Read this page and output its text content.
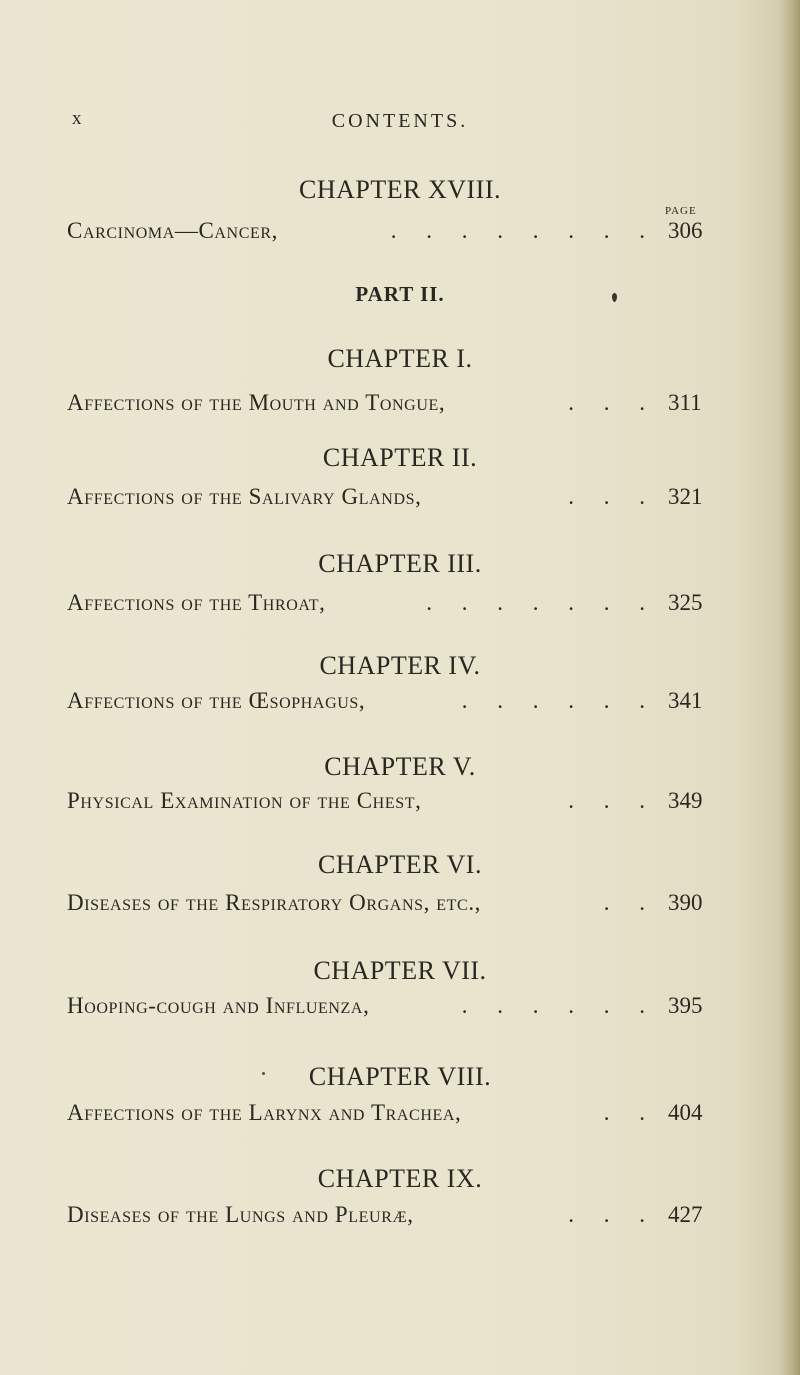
x	CONTENTS.
CHAPTER XVIII.
PAGE
Carcinoma—Cancer,	. . . . . . . . 306
PART II.
CHAPTER I.
Affections of the Mouth and Tongue,	. . . 311
CHAPTER II.
Affections of the Salivary Glands,	. . . 321
CHAPTER III.
Affections of the Throat,	. . . . . . . 325
CHAPTER IV.
Affections of the Œsophagus,	. . . . . . 341
CHAPTER V.
Physical Examination of the Chest,	. . . 349
CHAPTER VI.
Diseases of the Respiratory Organs, etc.,	. . 390
CHAPTER VII.
Hooping-cough and Influenza,	. . . . . . 395
CHAPTER VIII.
Affections of the Larynx and Trachea,	. . 404
CHAPTER IX.
Diseases of the Lungs and Pleuræ,	. . . 427
